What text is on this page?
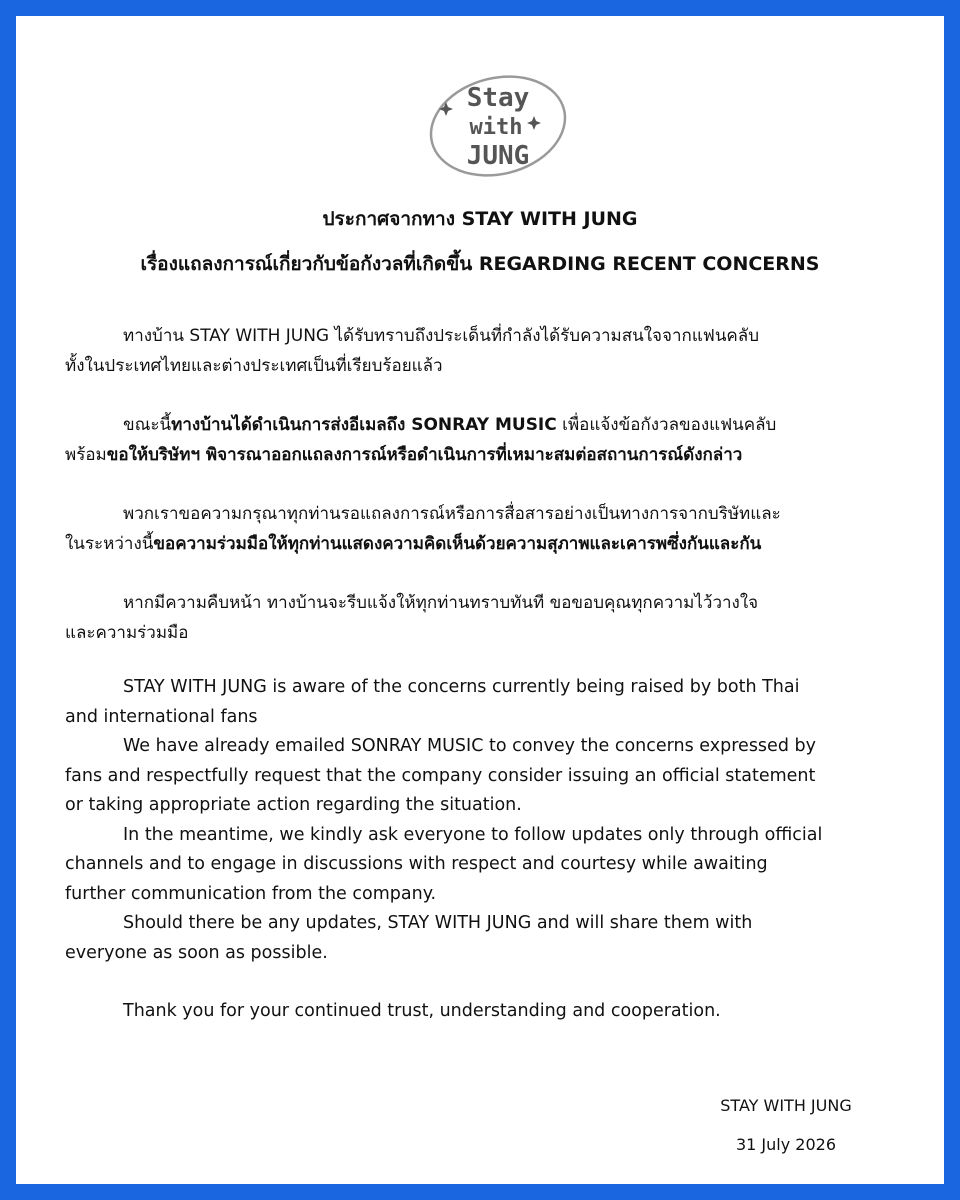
Stay
with
JUNG
ประกาศจากทาง STAY WITH JUNG
เรื่องแถลงการณ์เกี่ยวกับข้อกังวลที่เกิดขึ้น REGARDING RECENT CONCERNS
ทางบ้าน STAY WITH JUNG ได้รับทราบถึงประเด็นที่กำลังได้รับความสนใจจากแฟนคลับ
ทั้งในประเทศไทยและต่างประเทศเป็นที่เรียบร้อยแล้ว
ขณะนี้ทางบ้านได้ดำเนินการส่งอีเมลถึง SONRAY MUSIC เพื่อแจ้งข้อกังวลของแฟนคลับ
พร้อมขอให้บริษัทฯ พิจารณาออกแถลงการณ์หรือดำเนินการที่เหมาะสมต่อสถานการณ์ดังกล่าว
พวกเราขอความกรุณาทุกท่านรอแถลงการณ์หรือการสื่อสารอย่างเป็นทางการจากบริษัทและ
ในระหว่างนี้ขอความร่วมมือให้ทุกท่านแสดงความคิดเห็นด้วยความสุภาพและเคารพซึ่งกันและกัน
หากมีความคืบหน้า ทางบ้านจะรีบแจ้งให้ทุกท่านทราบทันที ขอขอบคุณทุกความไว้วางใจ
และความร่วมมือ
STAY WITH JUNG is aware of the concerns currently being raised by both Thai
and international fans
We have already emailed SONRAY MUSIC to convey the concerns expressed by
fans and respectfully request that the company consider issuing an official statement
or taking appropriate action regarding the situation.
In the meantime, we kindly ask everyone to follow updates only through official
channels and to engage in discussions with respect and courtesy while awaiting
further communication from the company.
Should there be any updates, STAY WITH JUNG and will share them with
everyone as soon as possible.
Thank you for your continued trust, understanding and cooperation.
STAY WITH JUNG
31 July 2026
